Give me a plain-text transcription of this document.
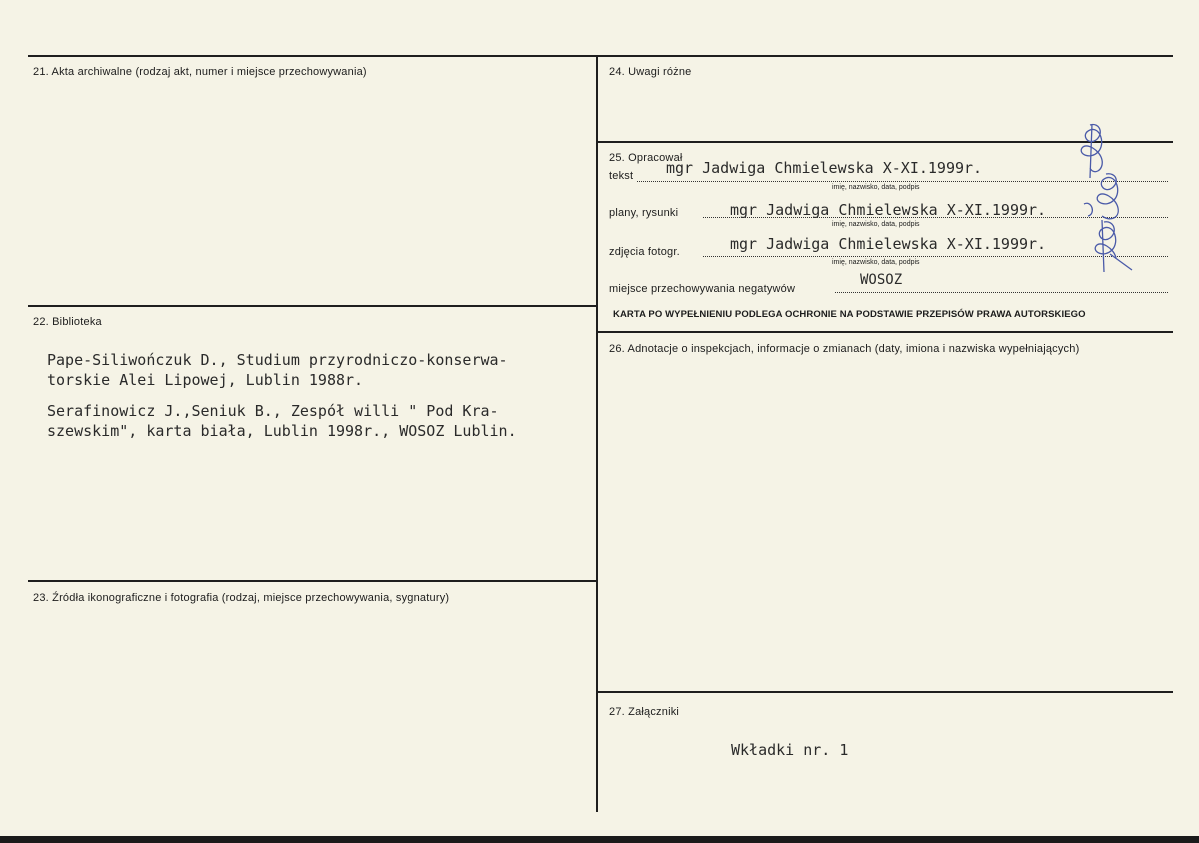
21. Akta archiwalne (rodzaj akt, numer i miejsce przechowywania)
22. Biblioteka
Pape-Siliwończuk D., Studium przyrodniczo-konserwa-
torskie Alei Lipowej, Lublin 1988r.
Serafinowicz J.,Seniuk B., Zespół willi " Pod Kra-
szewskim", karta biała, Lublin 1998r., WOSOZ Lublin.
23. Źródła ikonograficzne i fotografia (rodzaj, miejsce przechowywania, sygnatury)
24. Uwagi różne
25. Opracował
tekst mgr Jadwiga Chmielewska X-XI.1999r.
imię, nazwisko, data, podpis
plany, rysunki	mgr Jadwiga Chmielewska X-XI.1999r.
imię, nazwisko, data, podpis
zdjęcia fotogr.	mgr Jadwiga Chmielewska X-XI.1999r.
imię, nazwisko, data, podpis
miejsce przechowywania negatywów
WOSOZ
KARTA PO WYPEŁNIENIU PODLEGA OCHRONIE NA PODSTAWIE PRZEPISÓW PRAWA AUTORSKIEGO
26. Adnotacje o inspekcjach, informacje o zmianach (daty, imiona i nazwiska wypełniających)
27. Załączniki
Wkładki nr. 1
